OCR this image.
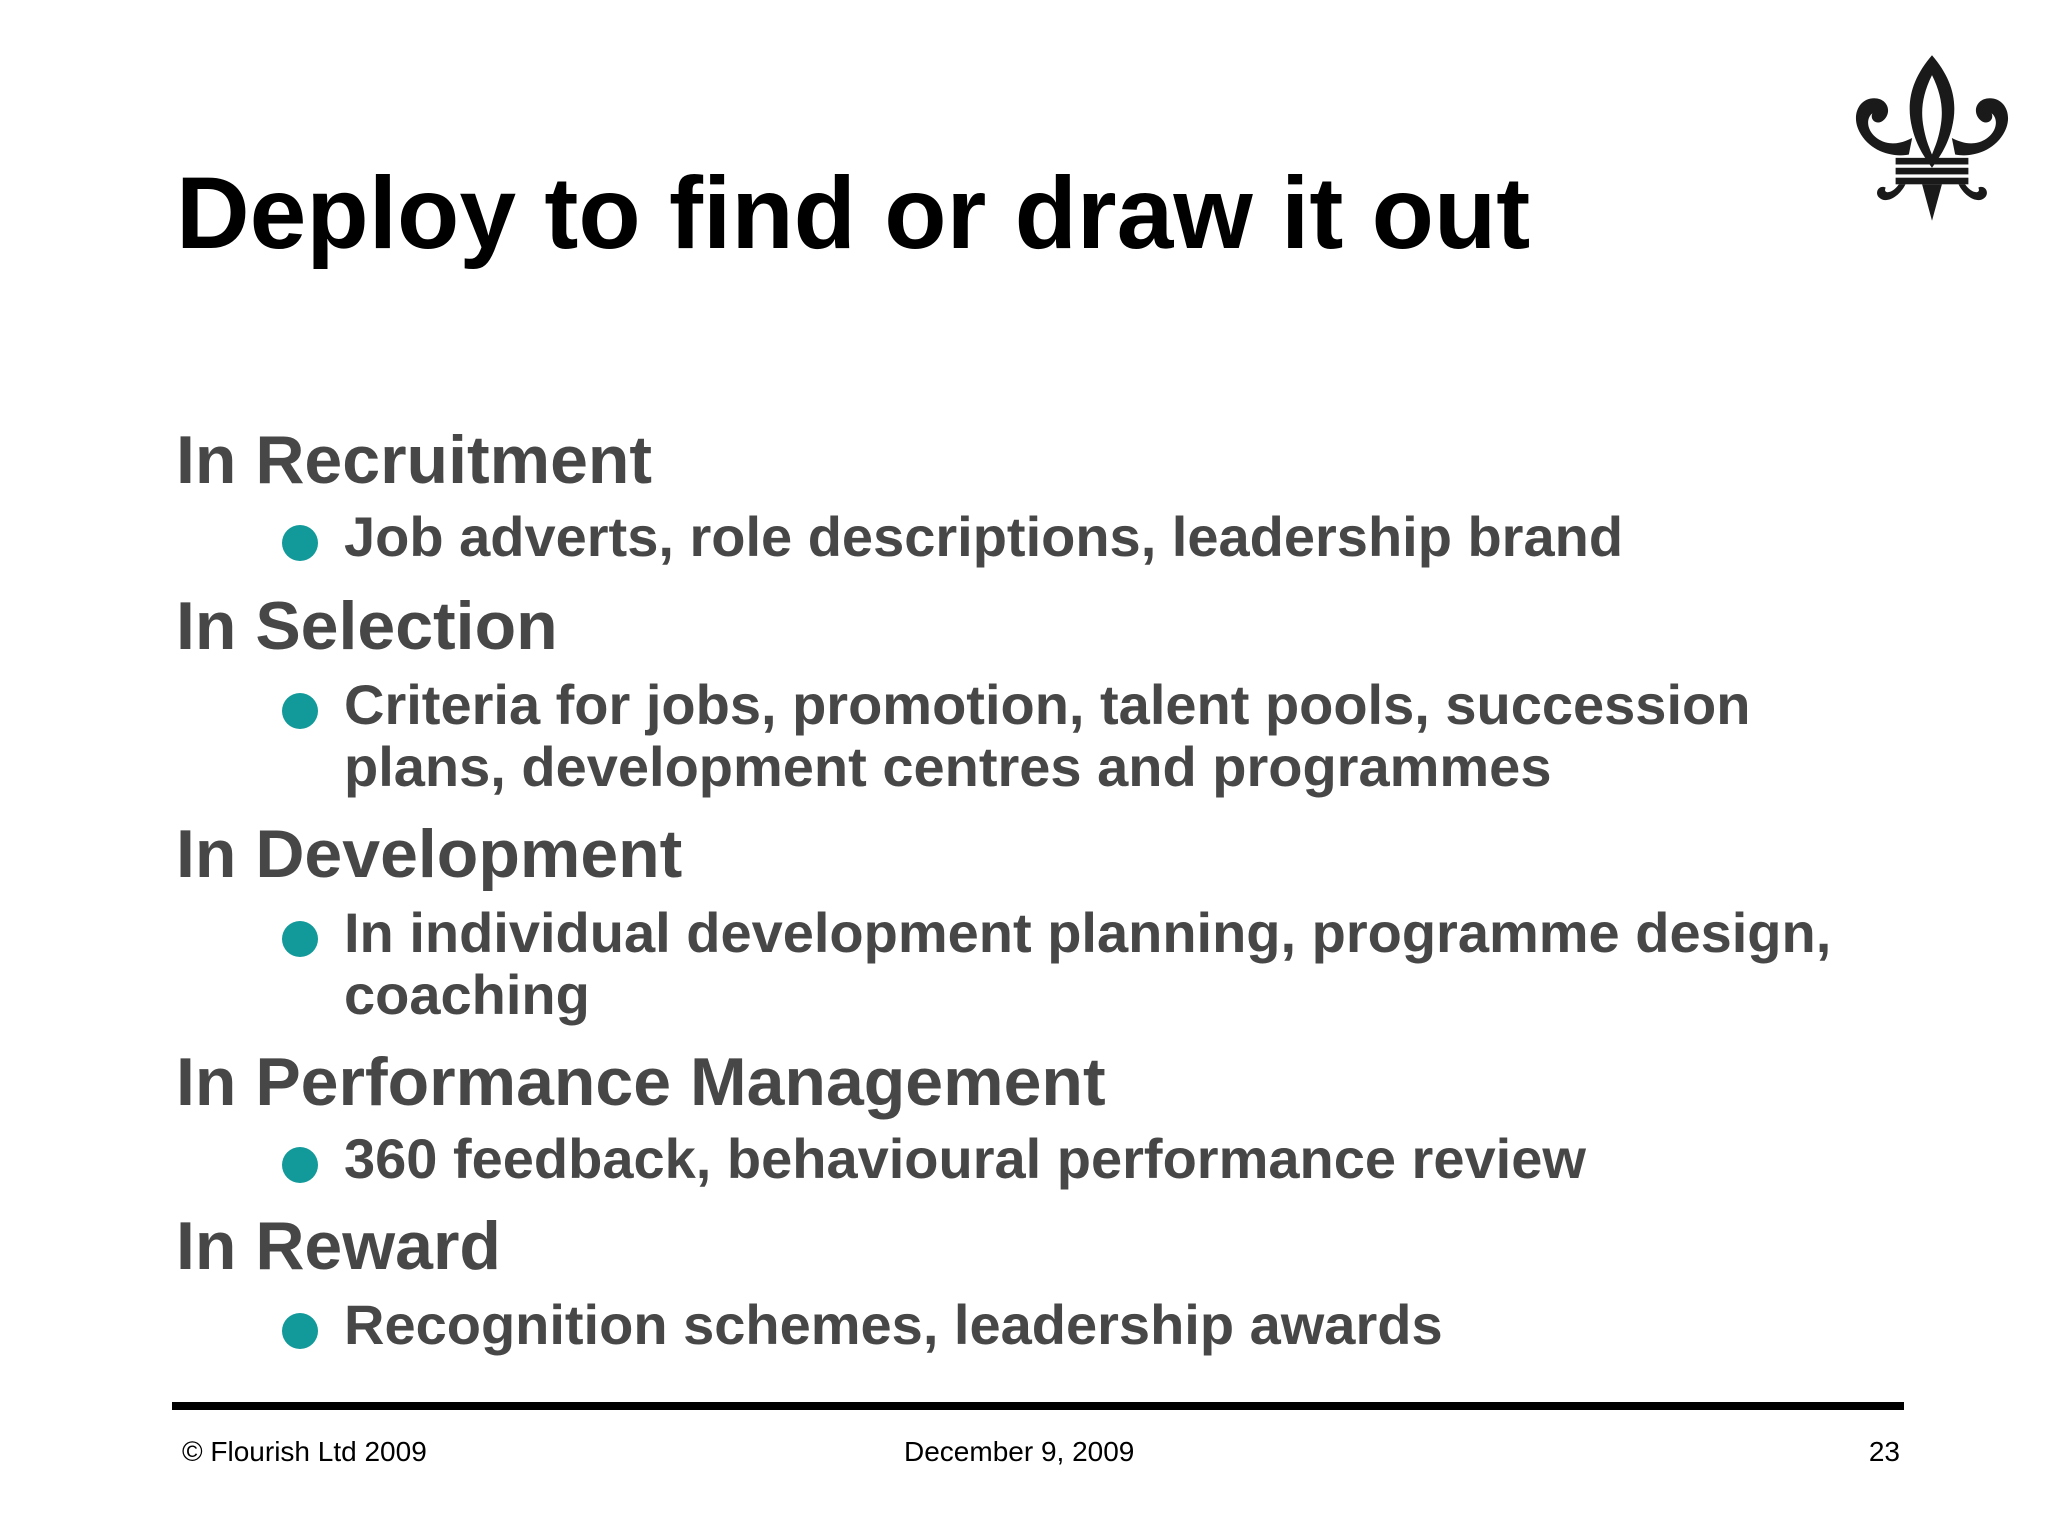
Deploy to find or draw it out
In Recruitment
Job adverts, role descriptions, leadership brand
In Selection
Criteria for jobs, promotion, talent pools, succession plans, development centres and programmes
In Development
In individual development planning, programme design, coaching
In Performance Management
360 feedback, behavioural performance review
In Reward
Recognition schemes, leadership awards
© Flourish Ltd 2009	December 9, 2009	23
